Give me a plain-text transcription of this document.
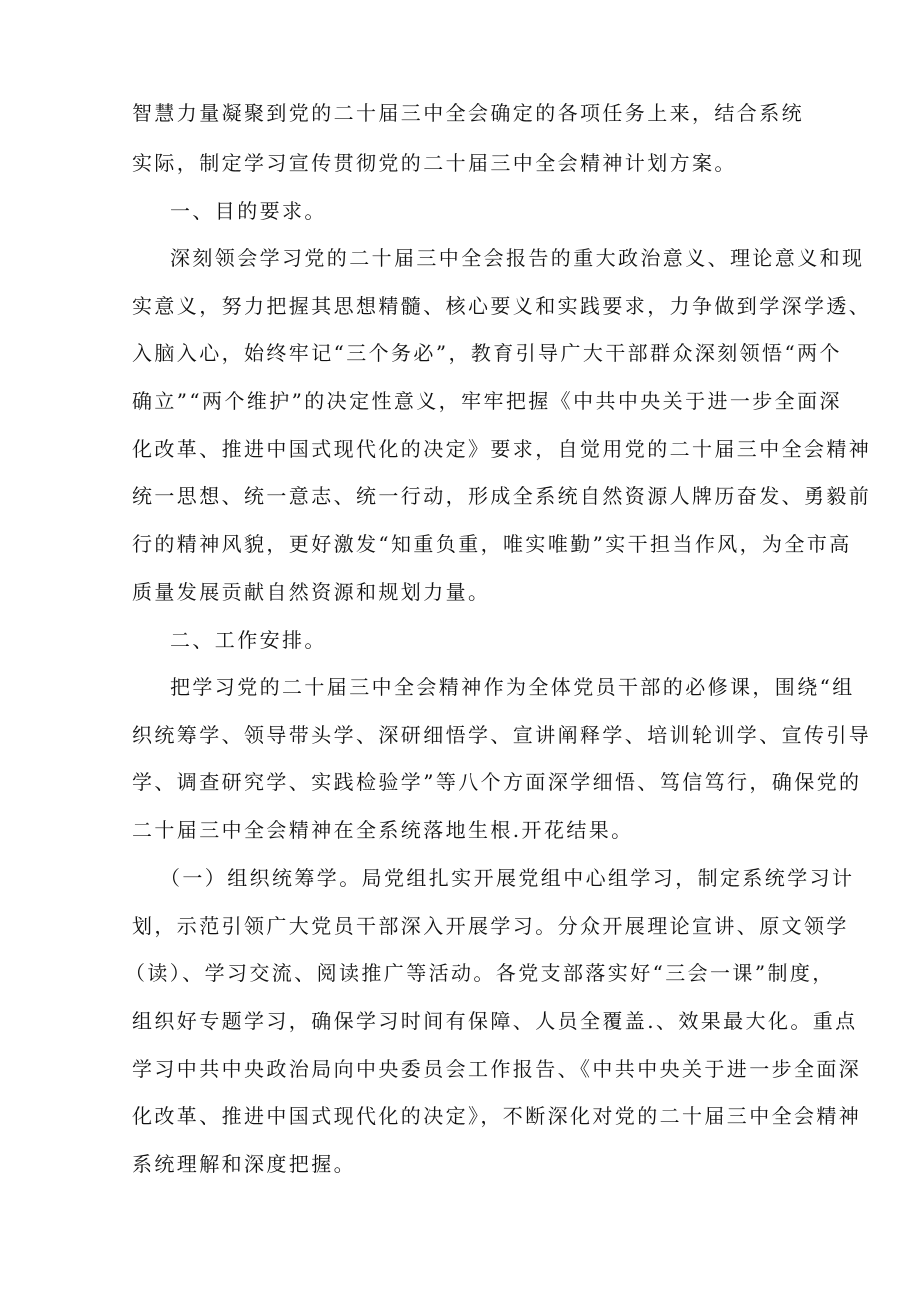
智慧力量凝聚到党的二十届三中全会确定的各项任务上来，结合系统
实际，制定学习宣传贯彻党的二十届三中全会精神计划方案。
一、目的要求。
深刻领会学习党的二十届三中全会报告的重大政治意义、理论意义和现
实意义，努力把握其思想精髓、核心要义和实践要求，力争做到学深学透、
入脑入心，始终牢记“三个务必”，教育引导广大干部群众深刻领悟“两个
确立”“两个维护”的决定性意义，牢牢把握《中共中央关于进一步全面深
化改革、推进中国式现代化的决定》要求，自觉用党的二十届三中全会精神
统一思想、统一意志、统一行动，形成全系统自然资源人牌历奋发、勇毅前
行的精神风貌，更好激发“知重负重，唯实唯勤”实干担当作风，为全市高
质量发展贡献自然资源和规划力量。
二、工作安排。
把学习党的二十届三中全会精神作为全体党员干部的必修课，围绕“组
织统筹学、领导带头学、深研细悟学、宣讲阐释学、培训轮训学、宣传引导
学、调查研究学、实践检验学”等八个方面深学细悟、笃信笃行，确保党的
二十届三中全会精神在全系统落地生根.开花结果。
（一）组织统筹学。局党组扎实开展党组中心组学习，制定系统学习计
划，示范引领广大党员干部深入开展学习。分众开展理论宣讲、原文领学
（读）、学习交流、阅读推广等活动。各党支部落实好“三会一课”制度，
组织好专题学习，确保学习时间有保障、人员全覆盖.、效果最大化。重点
学习中共中央政治局向中央委员会工作报告、《中共中央关于进一步全面深
化改革、推进中国式现代化的决定》，不断深化对党的二十届三中全会精神
系统理解和深度把握。
